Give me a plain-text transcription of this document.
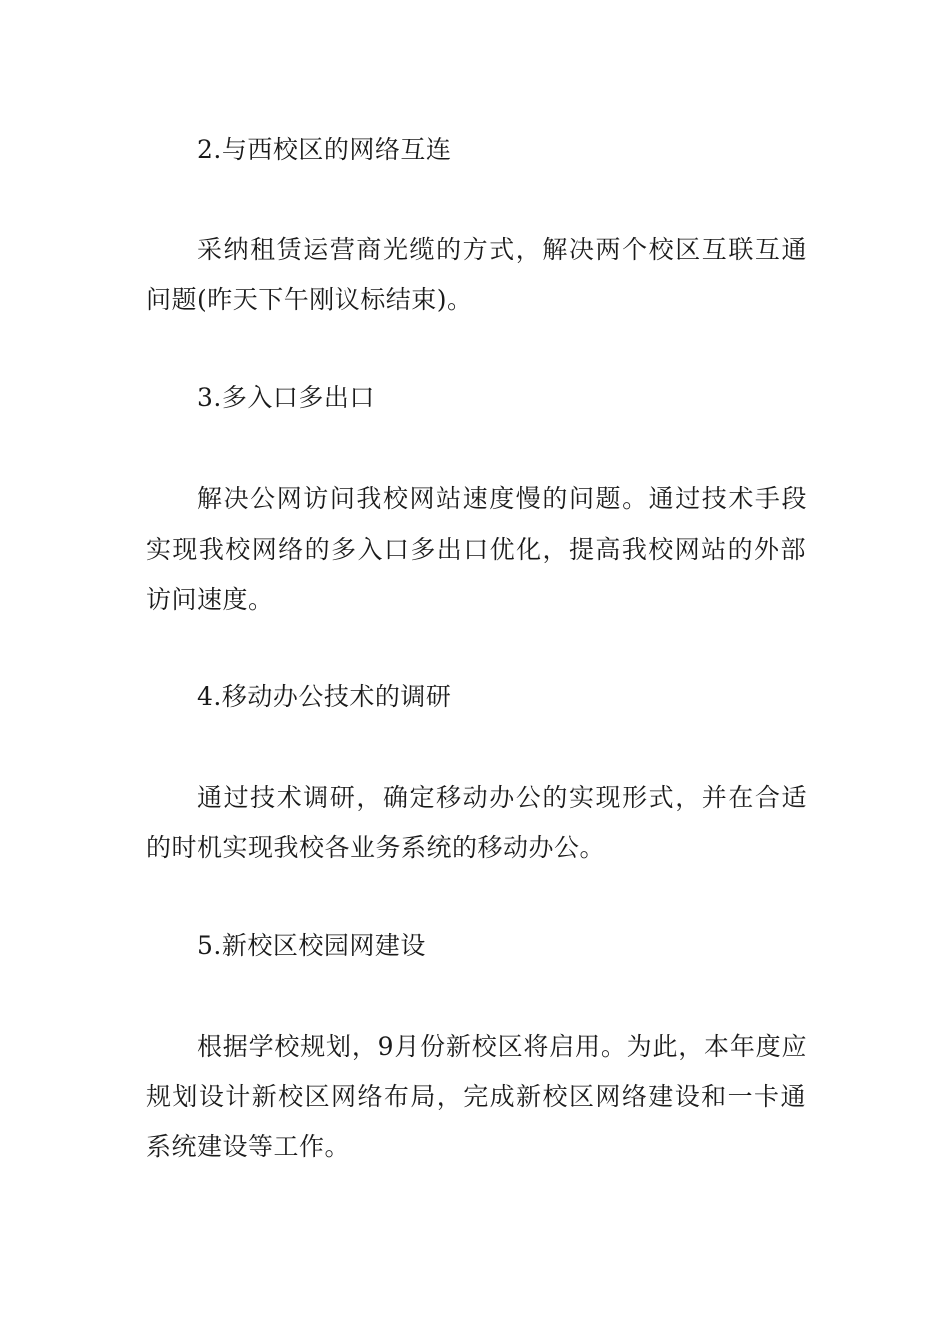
2.与西校区的网络互连
采纳租赁运营商光缆的方式，解决两个校区互联互通
问题(昨天下午刚议标结束)。
3.多入口多出口
解决公网访问我校网站速度慢的问题。通过技术手段
实现我校网络的多入口多出口优化，提高我校网站的外部
访问速度。
4.移动办公技术的调研
通过技术调研，确定移动办公的实现形式，并在合适
的时机实现我校各业务系统的移动办公。
5.新校区校园网建设
根据学校规划，9月份新校区将启用。为此，本年度应
规划设计新校区网络布局，完成新校区网络建设和一卡通
系统建设等工作。
